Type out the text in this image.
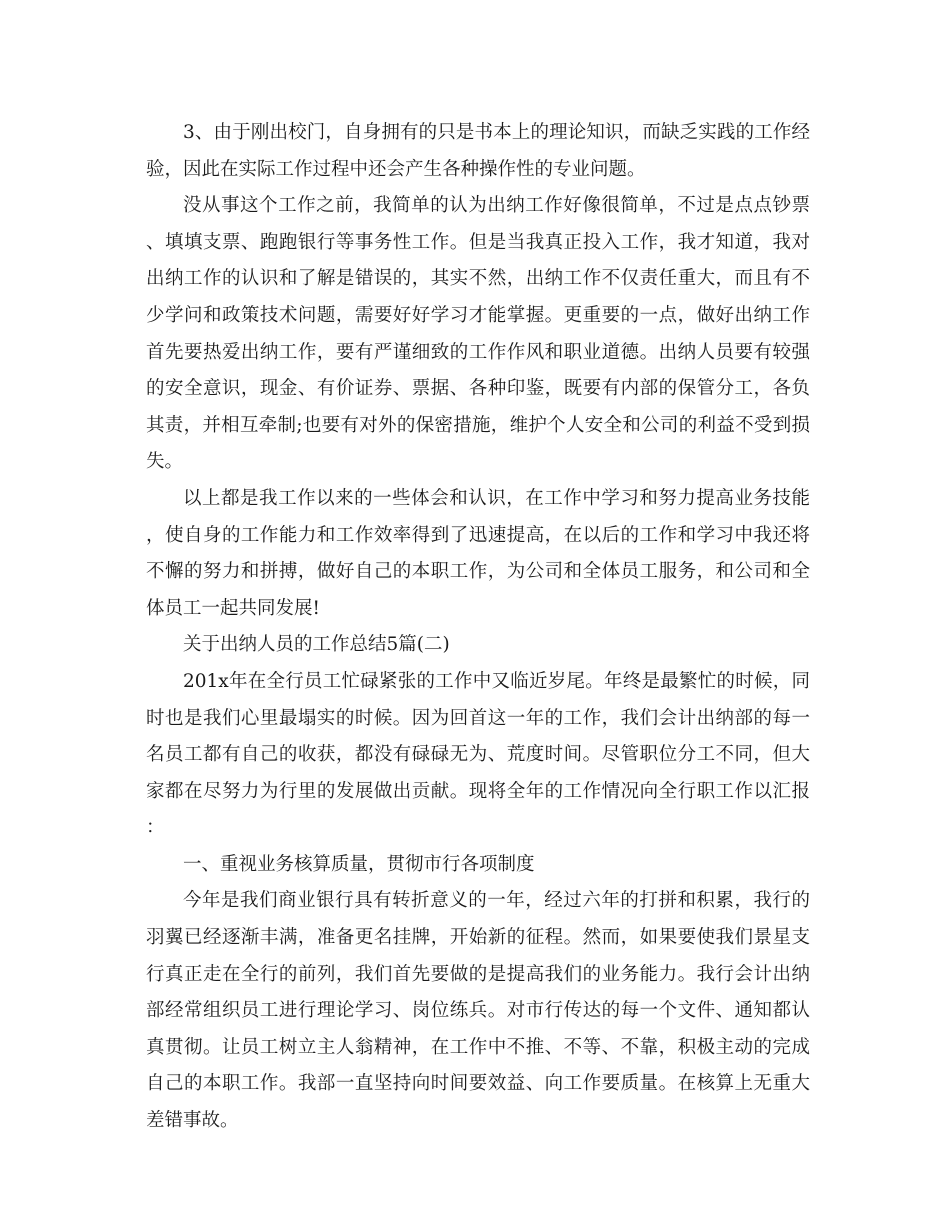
3、由于刚出校门，自身拥有的只是书本上的理论知识，而缺乏实践的工作经验，因此在实际工作过程中还会产生各种操作性的专业问题。

没从事这个工作之前，我简单的认为出纳工作好像很简单，不过是点点钞票、填填支票、跑跑银行等事务性工作。但是当我真正投入工作，我才知道，我对出纳工作的认识和了解是错误的，其实不然，出纳工作不仅责任重大，而且有不少学问和政策技术问题，需要好好学习才能掌握。更重要的一点，做好出纳工作首先要热爱出纳工作，要有严谨细致的工作作风和职业道德。出纳人员要有较强的安全意识，现金、有价证券、票据、各种印鉴，既要有内部的保管分工，各负其责，并相互牵制;也要有对外的保密措施，维护个人安全和公司的利益不受到损失。

以上都是我工作以来的一些体会和认识，在工作中学习和努力提高业务技能，使自身的工作能力和工作效率得到了迅速提高，在以后的工作和学习中我还将不懈的努力和拼搏，做好自己的本职工作，为公司和全体员工服务，和公司和全体员工一起共同发展!

关于出纳人员的工作总结5篇(二)

201x年在全行员工忙碌紧张的工作中又临近岁尾。年终是最繁忙的时候，同时也是我们心里最塌实的时候。因为回首这一年的工作，我们会计出纳部的每一名员工都有自己的收获，都没有碌碌无为、荒度时间。尽管职位分工不同，但大家都在尽努力为行里的发展做出贡献。现将全年的工作情况向全行职工作以汇报：

一、重视业务核算质量，贯彻市行各项制度

今年是我们商业银行具有转折意义的一年，经过六年的打拼和积累，我行的羽翼已经逐渐丰满，准备更名挂牌，开始新的征程。然而，如果要使我们景星支行真正走在全行的前列，我们首先要做的是提高我们的业务能力。我行会计出纳部经常组织员工进行理论学习、岗位练兵。对市行传达的每一个文件、通知都认真贯彻。让员工树立主人翁精神，在工作中不推、不等、不靠，积极主动的完成自己的本职工作。我部一直坚持向时间要效益、向工作要质量。在核算上无重大差错事故。
